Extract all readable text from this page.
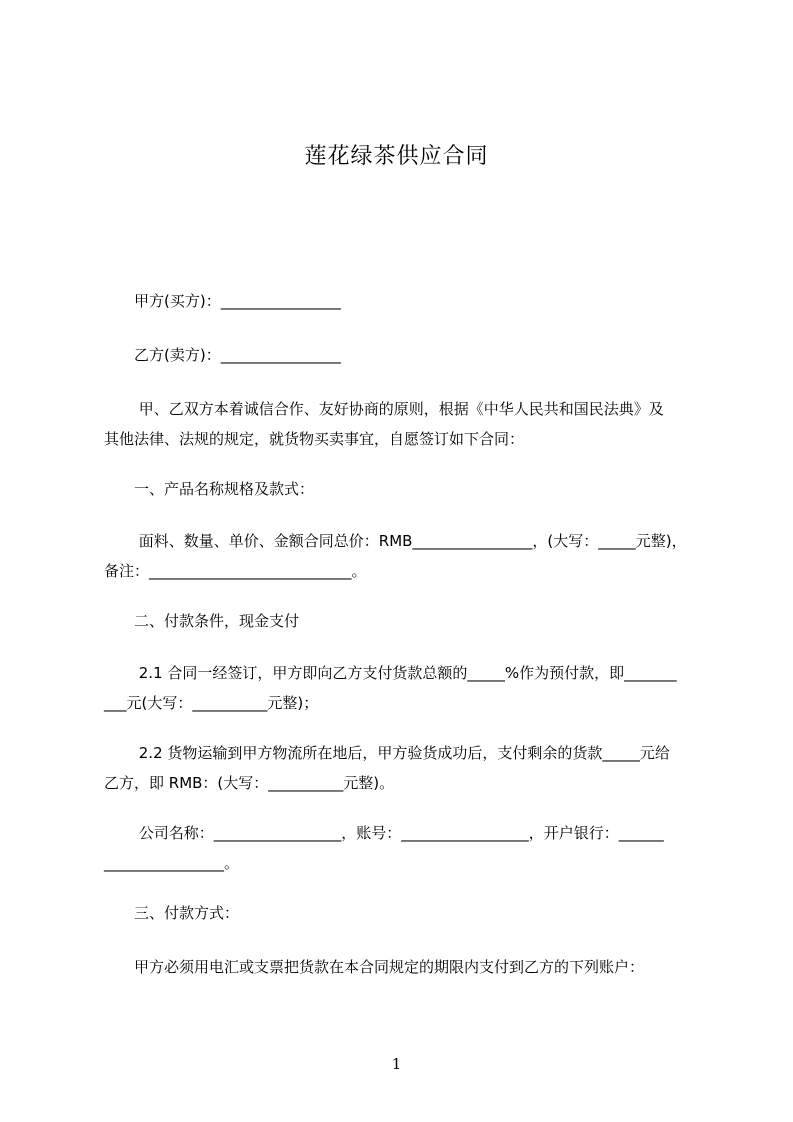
莲花绿茶供应合同
　　甲方(买方)：________________
　　乙方(卖方)：________________
　　 甲、乙双方本着诚信合作、友好协商的原则，根据《中华人民共和国民法典》及
其他法律、法规的规定，就货物买卖事宜，自愿签订如下合同：
　　一、产品名称规格及款式：
　　 面料、数量、单价、金额合同总价：RMB________________，(大写：_____元整)，
备注：___________________________。
　　二、付款条件，现金支付
　　 2.1 合同一经签订，甲方即向乙方支付货款总额的_____%作为预付款，即_______
___元(大写：__________元整)；
　　 2.2 货物运输到甲方物流所在地后，甲方验货成功后，支付剩余的货款_____元给
乙方，即 RMB：(大写：__________元整)。
　　 公司名称：_________________，账号：_________________，开户银行：______
________________。
　　三、付款方式：
　　甲方必须用电汇或支票把货款在本合同规定的期限内支付到乙方的下列账户：
1
